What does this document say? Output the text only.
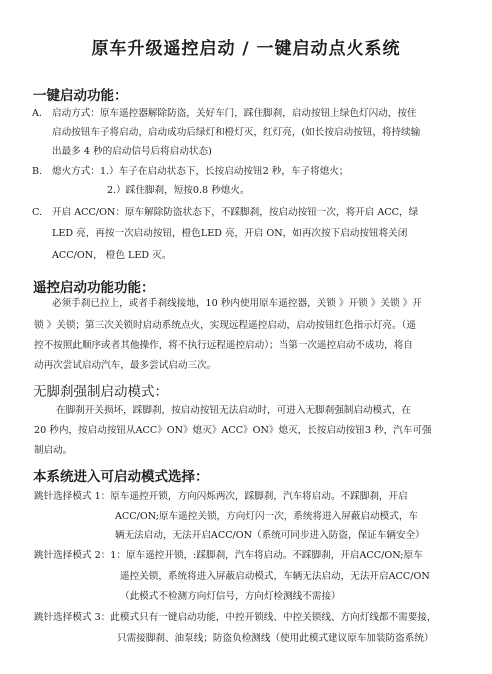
原车升级遥控启动 / 一键启动点火系统
一键启动功能：
A. 启动方式：原车遥控器解除防盗，关好车门，踩住脚刹，启动按钮上绿色灯闪动，按住
启动按钮车子将启动，启动成功后绿灯和橙灯灭，红灯亮，(如长按启动按钮，将持续输
出最多 4 秒的启动信号后将启动状态)
B. 熄火方式：1.）车子在启动状态下，长按启动按钮2 秒，车子将熄火；
2.）踩住脚刹，短按0.8 秒熄火。
C. 开启 ACC/ON：原车解除防盗状态下，不踩脚刹，按启动按钮一次，将开启 ACC，绿
LED 亮，再按一次启动按钮，橙色LED 亮，开启 ON，如再次按下启动按钮将关闭
ACC/ON， 橙色 LED 灭。
遥控启动功能功能：
必须手刹已拉上，或者手刹线接地，10 秒内使用原车遥控器，关锁 》开锁 》关锁 》开
锁 》关锁；第三次关锁时启动系统点火，实现远程遥控启动，启动按钮红色指示灯亮。（遥
控不按照此顺序或者其他操作，将不执行远程遥控启动）；当第一次遥控启动不成功，将自
动再次尝试启动汽车，最多尝试启动三次。
无脚刹强制启动模式：
在脚刹开关损坏，踩脚刹，按启动按钮无法启动时，可进入无脚刹强制启动模式，在
20 秒内，按启动按钮从ACC》ON》熄灭》ACC》ON》熄灭，长按启动按钮3 秒，汽车可强
制启动。
本系统进入可启动模式选择：
跳针选择模式 1：原车遥控开锁，方向闪烁两次，踩脚刹，汽车将启动。不踩脚刹，开启
ACC/ON;原车遥控关锁，方向灯闪一次，系统将进入屏蔽启动模式，车
辆无法启动，无法开启ACC/ON（系统可同步进入防盗，保证车辆安全）
跳针选择模式 2：1：原车遥控开锁，:踩脚刹，汽车将启动。不踩脚刹，开启ACC/ON;原车
遥控关锁，系统将进入屏蔽启动模式，车辆无法启动，无法开启ACC/ON
（此模式不检测方向灯信号，方向灯检测线不需接）
跳针选择模式 3：此模式只有一键启动功能，中控开锁线、中控关锁线、方向灯线都不需要接，
只需接脚刹、油泵线；防盗负检测线（使用此模式建议原车加装防盗系统）
